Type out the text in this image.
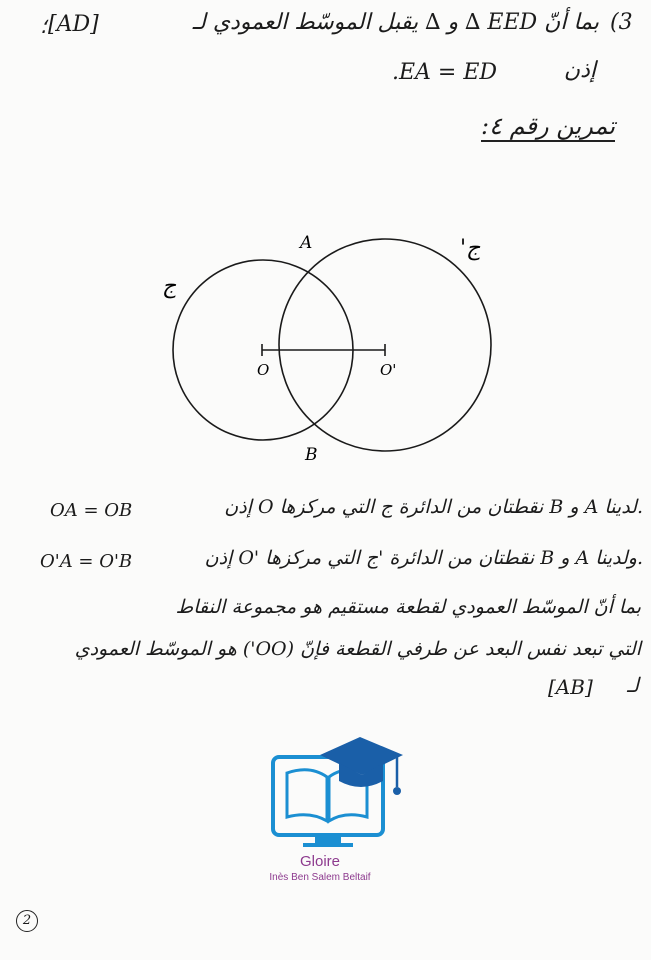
؛ [AD]	بما أنّ EED ∆ و ∆ يقبل الموسّط العمودي لـ (3
.EA = ED	إذن
تمرين رقم ٤:
A
B
O	O'
ج
'ج
OA = OB	.لدينا A و B نقطتان من الدائرة ج التي مركزها O إذن
O'A = O'B	.ولدينا A و B نقطتان من الدائرة 'ج التي مركزها 'O إذن
بما أنّ الموسّط العمودي لقطعة مستقيم هو مجموعة النقاط
التي تبعد نفس البعد عن طرفي القطعة فإنّ (OO') هو الموسّط العمودي
[AB] لـ
Gloire
Inès Ben Salem Beltaif
2
